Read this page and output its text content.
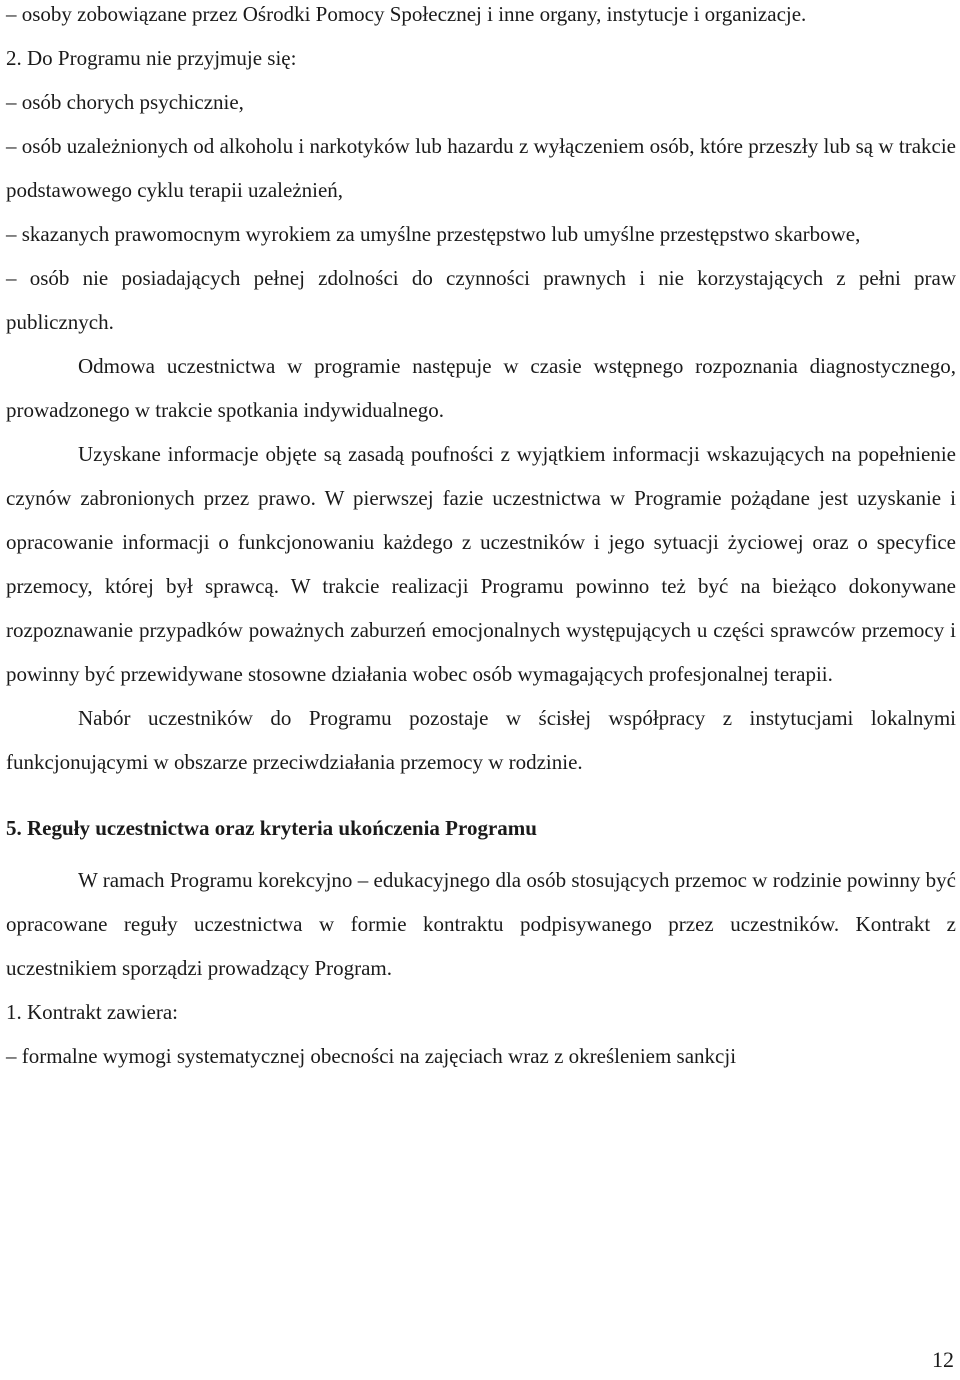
– osoby zobowiązane przez Ośrodki Pomocy Społecznej i inne organy, instytucje i organizacje.

2. Do Programu nie przyjmuje się:

– osób chorych psychicznie,

– osób uzależnionych od alkoholu i narkotyków lub hazardu z wyłączeniem osób, które przeszły lub są w trakcie podstawowego cyklu terapii uzależnień,

– skazanych prawomocnym wyrokiem za umyślne przestępstwo lub umyślne przestępstwo skarbowe,

– osób nie posiadających pełnej zdolności do czynności prawnych i nie korzystających z pełni praw publicznych.

Odmowa uczestnictwa w programie następuje w czasie wstępnego rozpoznania diagnostycznego, prowadzonego w trakcie spotkania indywidualnego.

Uzyskane informacje objęte są zasadą poufności z wyjątkiem informacji wskazujących na popełnienie czynów zabronionych przez prawo. W pierwszej fazie uczestnictwa w Programie pożądane jest uzyskanie i opracowanie informacji o funkcjonowaniu każdego z uczestników i jego sytuacji życiowej oraz o specyfice przemocy, której był sprawcą. W trakcie realizacji Programu powinno też być na bieżąco dokonywane rozpoznawanie przypadków poważnych zaburzeń emocjonalnych występujących u części sprawców przemocy i powinny być przewidywane stosowne działania wobec osób wymagających profesjonalnej terapii.

Nabór uczestników do Programu pozostaje w ścisłej współpracy z instytucjami lokalnymi funkcjonującymi w obszarze przeciwdziałania przemocy w rodzinie.

5. Reguły uczestnictwa oraz kryteria ukończenia Programu

W ramach Programu korekcyjno – edukacyjnego dla osób stosujących przemoc w rodzinie powinny być opracowane reguły uczestnictwa w formie kontraktu podpisywanego przez uczestników. Kontrakt z uczestnikiem sporządzi prowadzący Program.

1. Kontrakt zawiera:

– formalne wymogi systematycznej obecności na zajęciach wraz z określeniem sankcji

12
